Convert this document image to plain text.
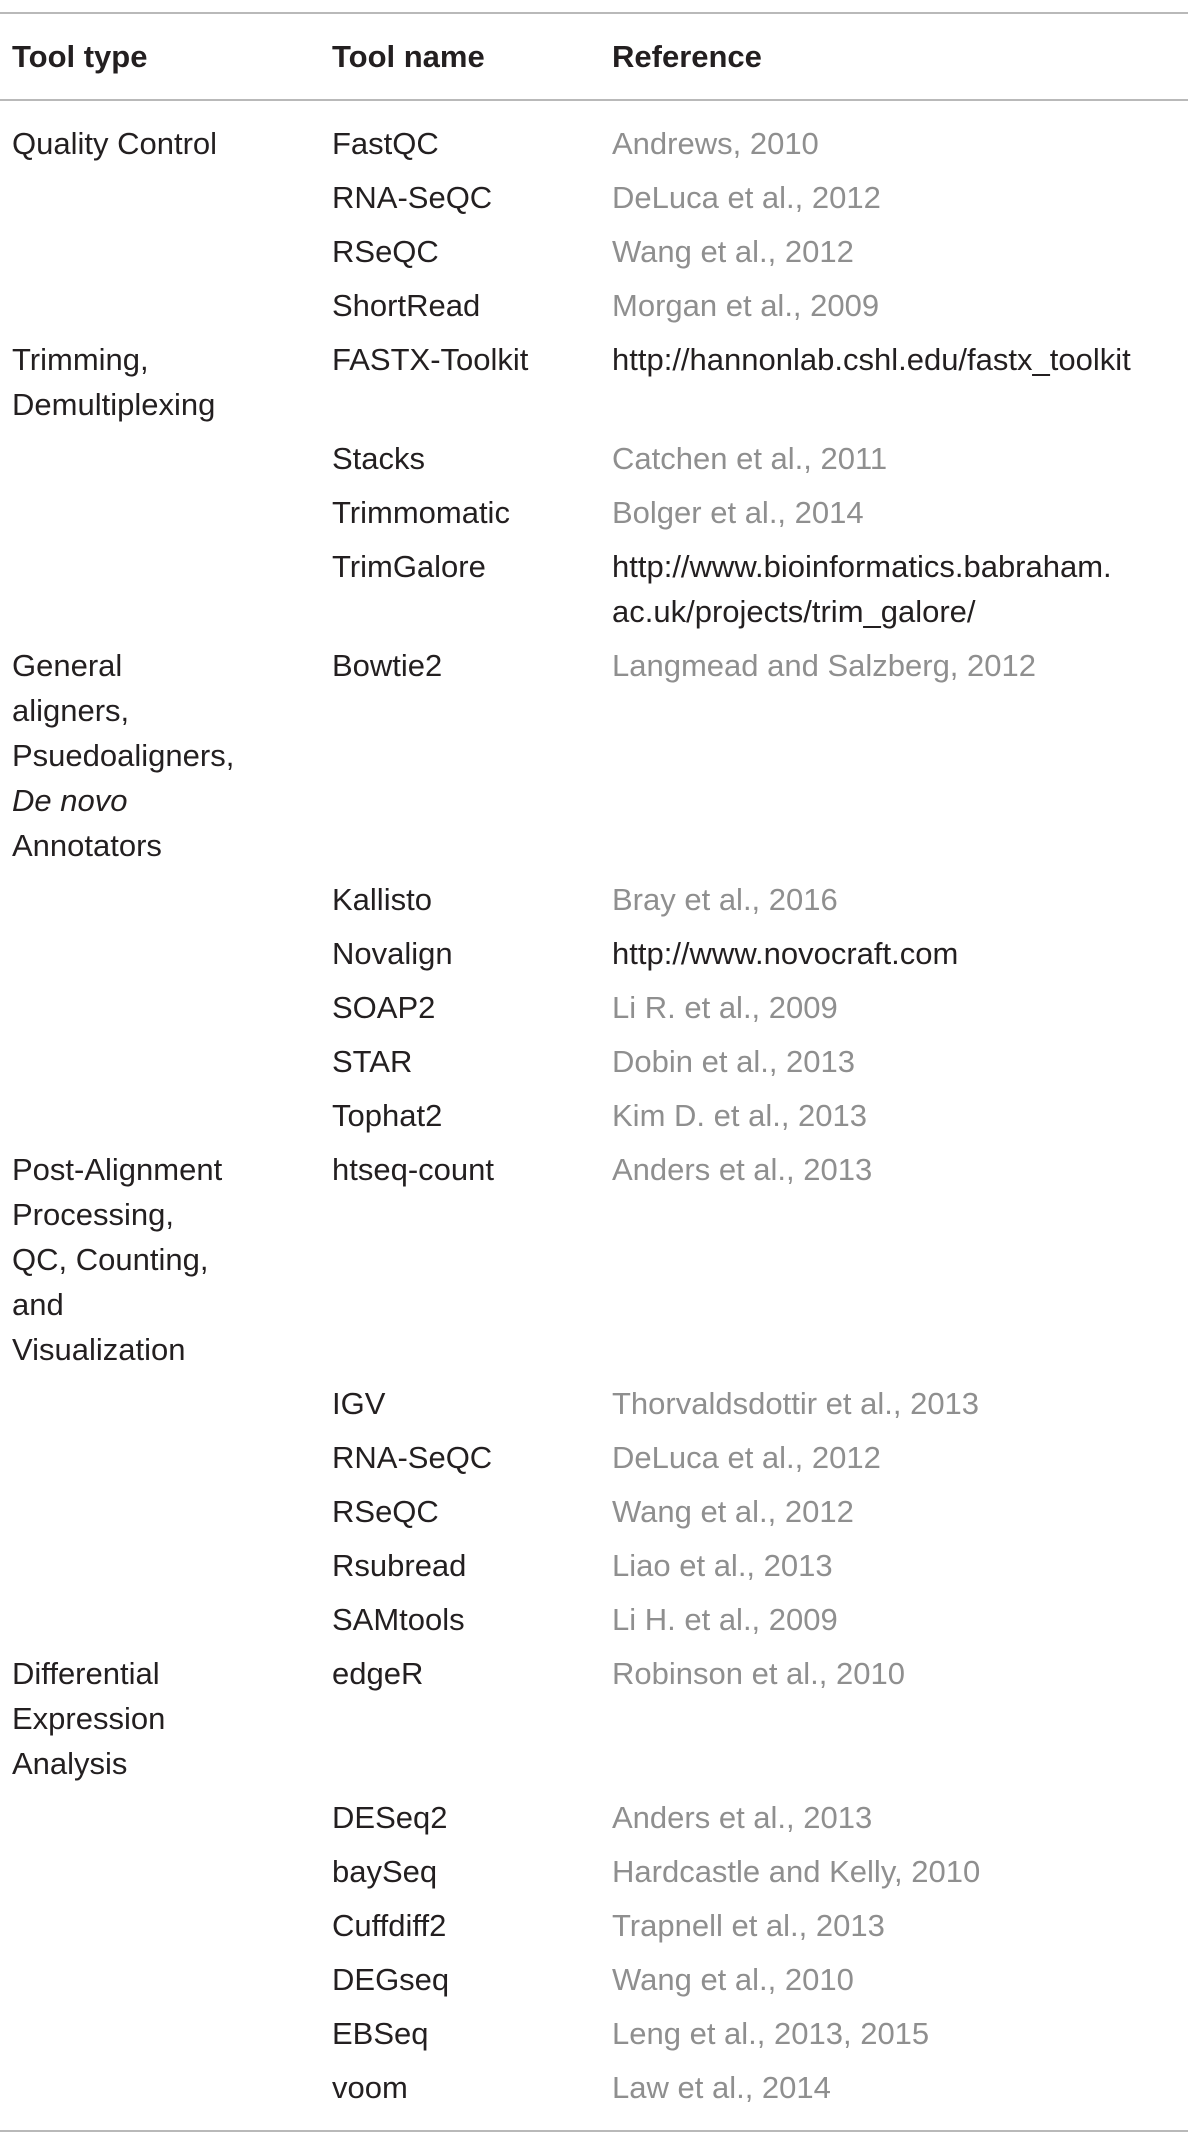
Tool type	Tool name	Reference

Quality Control	FastQC	Andrews, 2010
	RNA-SeQC	DeLuca et al., 2012
	RSeQC	Wang et al., 2012
	ShortRead	Morgan et al., 2009

Trimming,
Demultiplexing	FASTX-Toolkit	http://hannonlab.cshl.edu/fastx_toolkit
	Stacks	Catchen et al., 2011
	Trimmomatic	Bolger et al., 2014
	TrimGalore	http://www.bioinformatics.babraham.
ac.uk/projects/trim_galore/

General
aligners,
Psuedoaligners,
De novo
Annotators	Bowtie2	Langmead and Salzberg, 2012
	Kallisto	Bray et al., 2016
	Novalign	http://www.novocraft.com
	SOAP2	Li R. et al., 2009
	STAR	Dobin et al., 2013
	Tophat2	Kim D. et al., 2013

Post-Alignment
Processing,
QC, Counting,
and
Visualization	htseq-count	Anders et al., 2013
	IGV	Thorvaldsdottir et al., 2013
	RNA-SeQC	DeLuca et al., 2012
	RSeQC	Wang et al., 2012
	Rsubread	Liao et al., 2013
	SAMtools	Li H. et al., 2009

Differential
Expression
Analysis	edgeR	Robinson et al., 2010
	DESeq2	Anders et al., 2013
	baySeq	Hardcastle and Kelly, 2010
	Cuffdiff2	Trapnell et al., 2013
	DEGseq	Wang et al., 2010
	EBSeq	Leng et al., 2013, 2015
	voom	Law et al., 2014
